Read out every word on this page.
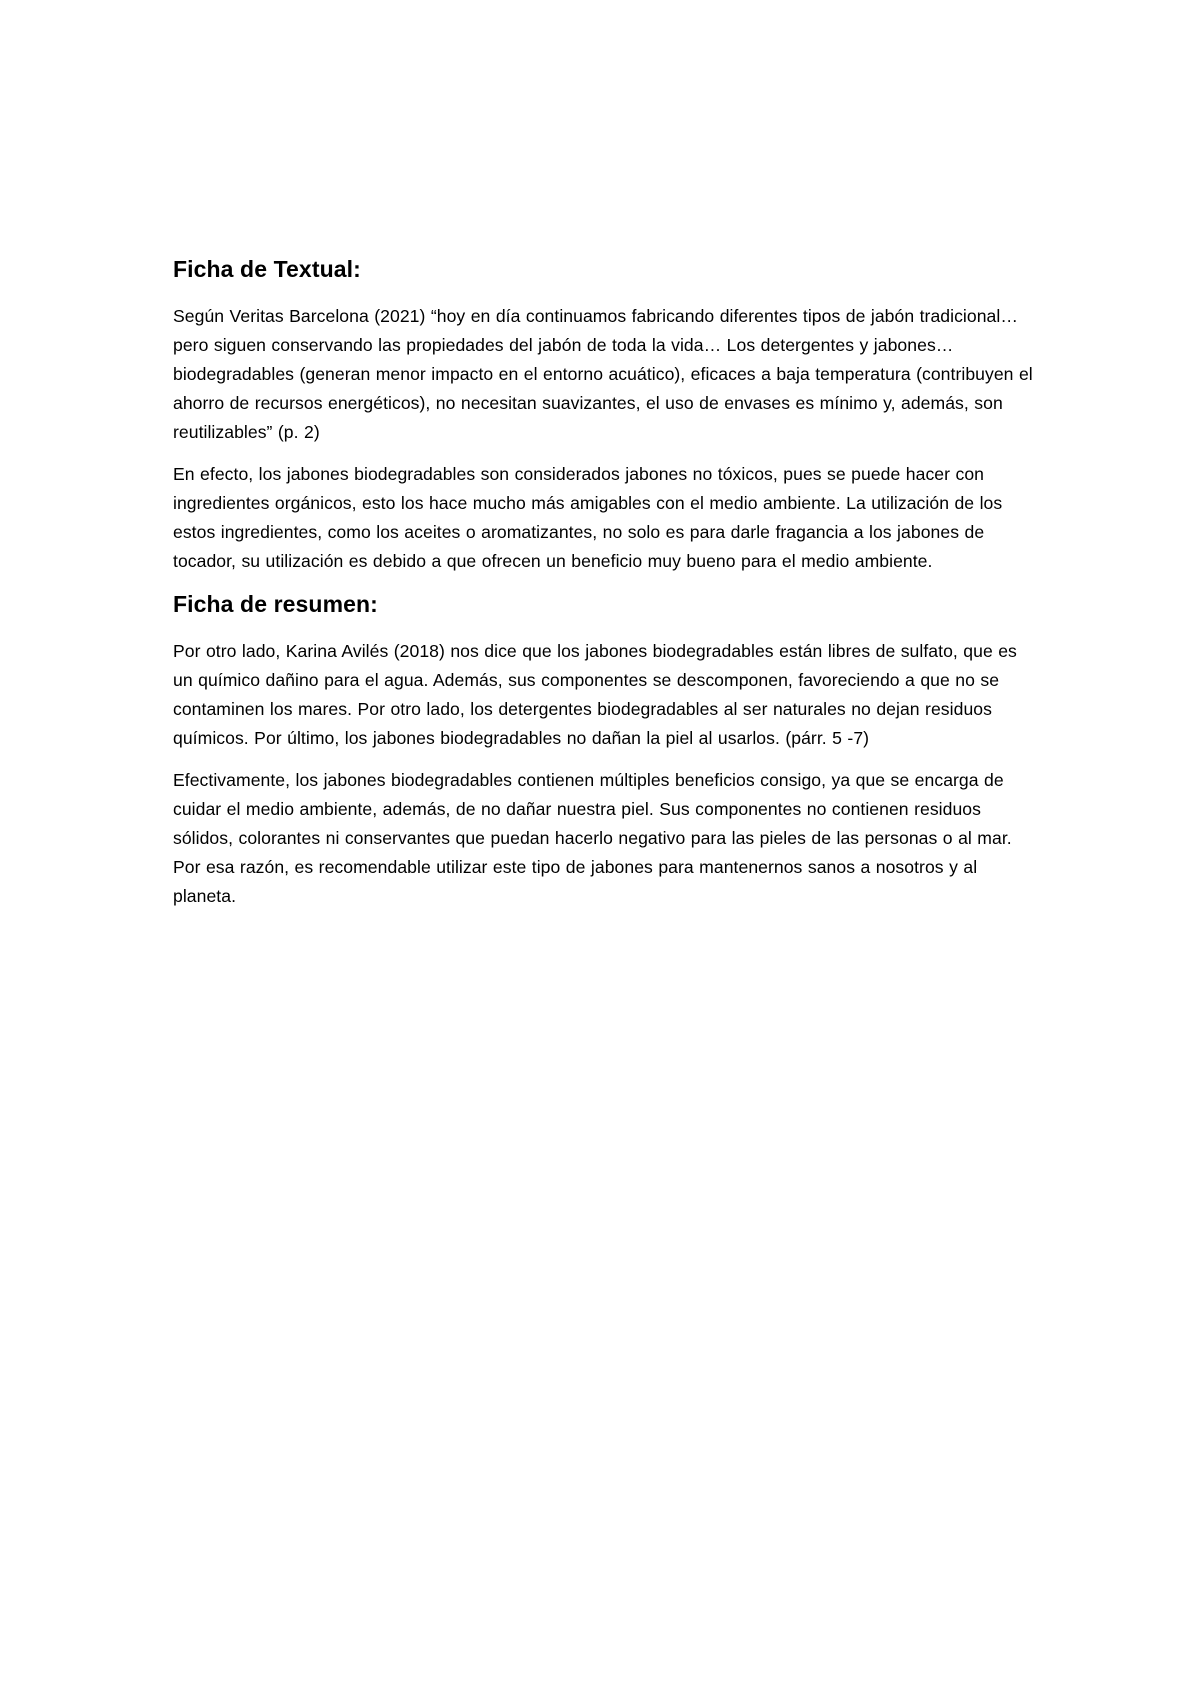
Ficha de Textual:

Según Veritas Barcelona (2021) “hoy en día continuamos fabricando diferentes tipos de jabón tradicional… pero siguen conservando las propiedades del jabón de toda la vida… Los detergentes y jabones… biodegradables (generan menor impacto en el entorno acuático), eficaces a baja temperatura (contribuyen el ahorro de recursos energéticos), no necesitan suavizantes, el uso de envases es mínimo y, además, son reutilizables” (p. 2)

En efecto, los jabones biodegradables son considerados jabones no tóxicos, pues se puede hacer con ingredientes orgánicos, esto los hace mucho más amigables con el medio ambiente. La utilización de los estos ingredientes, como los aceites o aromatizantes, no solo es para darle fragancia a los jabones de tocador, su utilización es debido a que ofrecen un beneficio muy bueno para el medio ambiente.

Ficha de resumen:

Por otro lado, Karina Avilés (2018) nos dice que los jabones biodegradables están libres de sulfato, que es un químico dañino para el agua. Además, sus componentes se descomponen, favoreciendo a que no se contaminen los mares. Por otro lado, los detergentes biodegradables al ser naturales no dejan residuos químicos. Por último, los jabones biodegradables no dañan la piel al usarlos. (párr. 5 -7)

Efectivamente, los jabones biodegradables contienen múltiples beneficios consigo, ya que se encarga de cuidar el medio ambiente, además, de no dañar nuestra piel. Sus componentes no contienen residuos sólidos, colorantes ni conservantes que puedan hacerlo negativo para las pieles de las personas o al mar. Por esa razón, es recomendable utilizar este tipo de jabones para mantenernos sanos a nosotros y al planeta.
